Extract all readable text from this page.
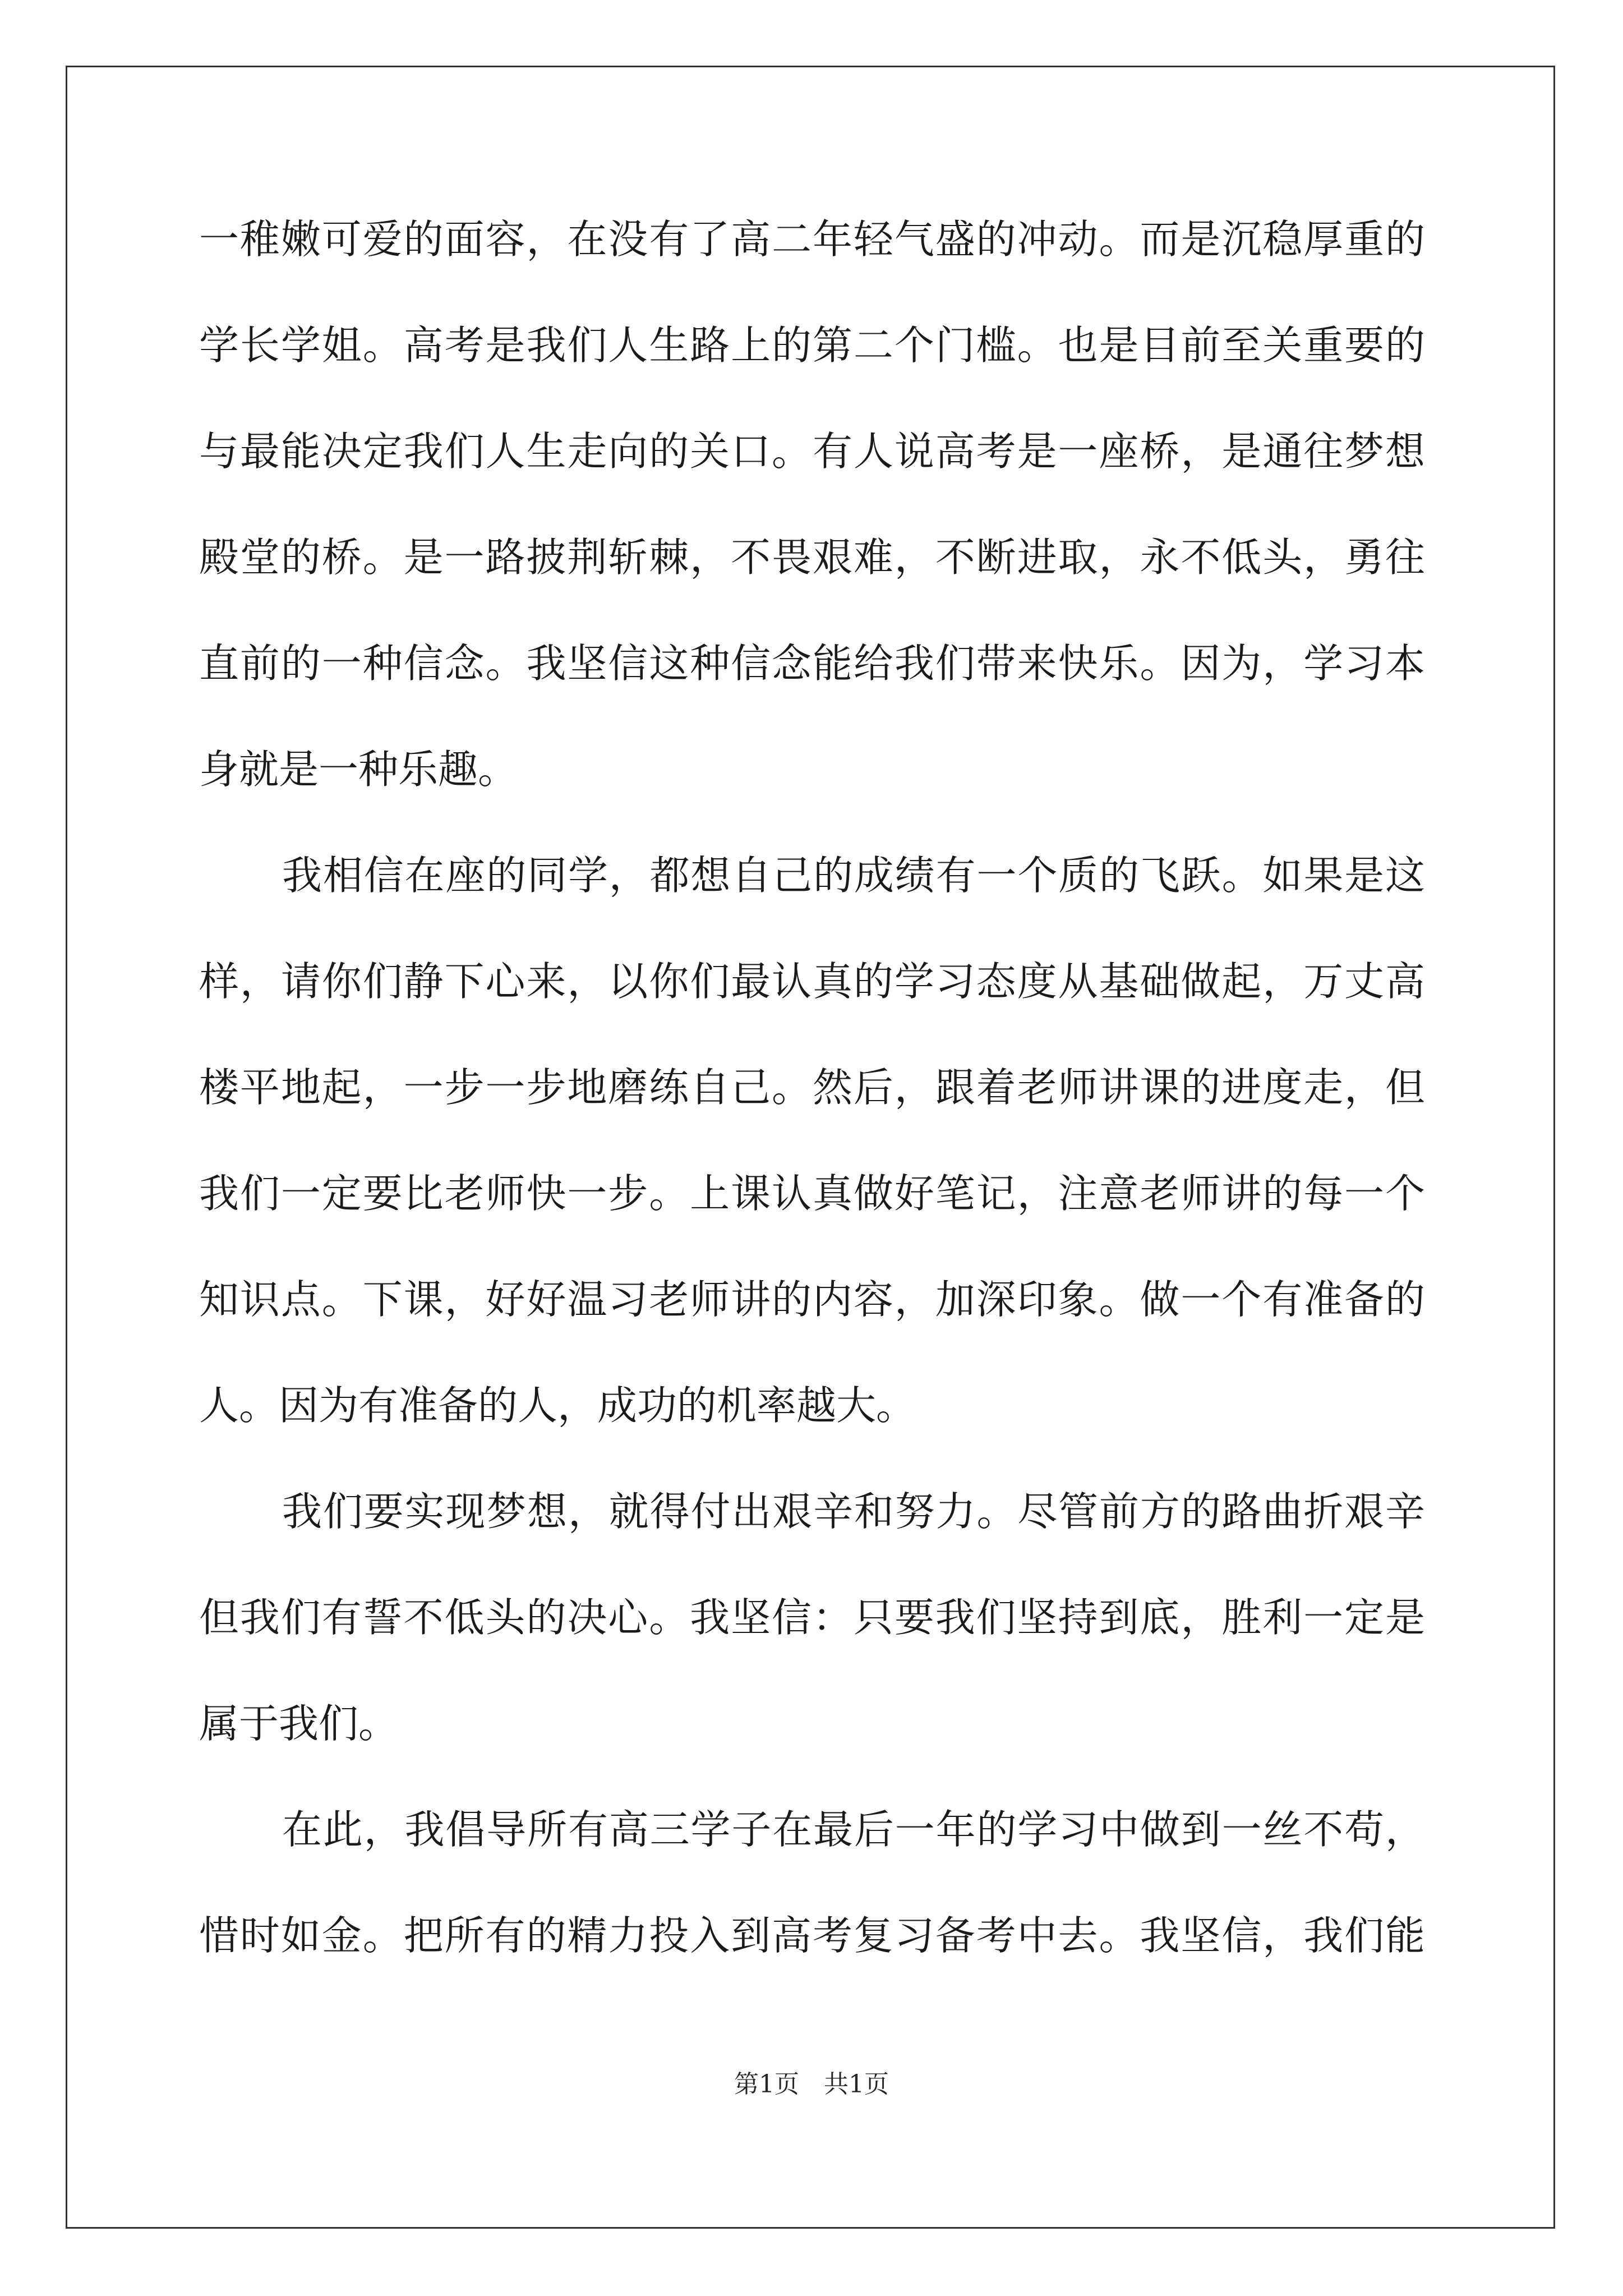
一稚嫩可爱的面容，在没有了高二年轻气盛的冲动。而是沉稳厚重的
学长学姐。高考是我们人生路上的第二个门槛。也是目前至关重要的
与最能决定我们人生走向的关口。有人说高考是一座桥，是通往梦想
殿堂的桥。是一路披荆斩棘，不畏艰难，不断进取，永不低头，勇往
直前的一种信念。我坚信这种信念能给我们带来快乐。因为，学习本
身就是一种乐趣。
我相信在座的同学，都想自己的成绩有一个质的飞跃。如果是这
样，请你们静下心来，以你们最认真的学习态度从基础做起，万丈高
楼平地起，一步一步地磨练自己。然后，跟着老师讲课的进度走，但
我们一定要比老师快一步。上课认真做好笔记，注意老师讲的每一个
知识点。下课，好好温习老师讲的内容，加深印象。做一个有准备的
人。因为有准备的人，成功的机率越大。
我们要实现梦想，就得付出艰辛和努力。尽管前方的路曲折艰辛
但我们有誓不低头的决心。我坚信：只要我们坚持到底，胜利一定是
属于我们。
在此，我倡导所有高三学子在最后一年的学习中做到一丝不苟，
惜时如金。把所有的精力投入到高考复习备考中去。我坚信，我们能
第1页　共1页
